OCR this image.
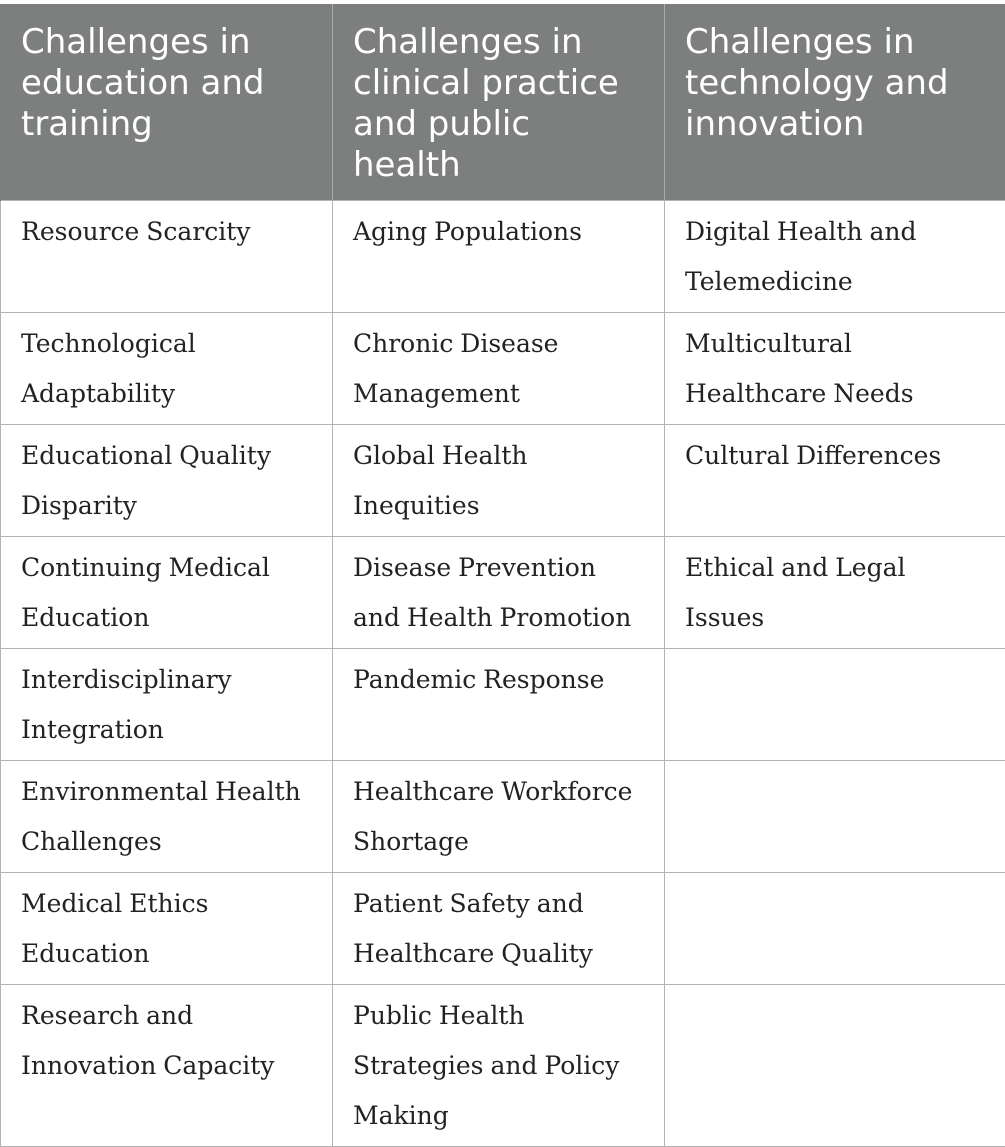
Challenges in education and training	Challenges in clinical practice and public health	Challenges in technology and innovation
Resource Scarcity	Aging Populations	Digital Health and Telemedicine
Technological Adaptability	Chronic Disease Management	Multicultural Healthcare Needs
Educational Quality Disparity	Global Health Inequities	Cultural Differences
Continuing Medical Education	Disease Prevention and Health Promotion	Ethical and Legal Issues
Interdisciplinary Integration	Pandemic Response	
Environmental Health Challenges	Healthcare Workforce Shortage	
Medical Ethics Education	Patient Safety and Healthcare Quality	
Research and Innovation Capacity	Public Health Strategies and Policy Making	
